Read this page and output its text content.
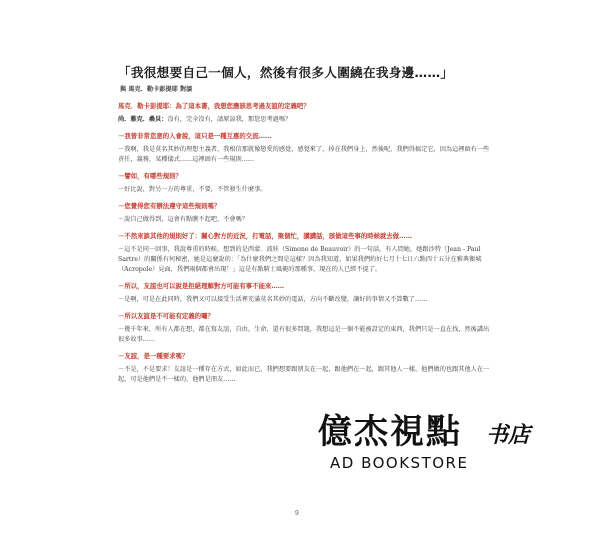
「我很想要自己一個人，然後有很多人圍繞在我身邊……」
與 馬克．勒卡彭提耶 對談

馬克．勒卡彭提耶：為了這本書，我想您應該思考過友誼的定義吧？

尚．雅克．桑貝：沒有，完全沒有，請原諒我，那您思考過嗎？

－我曾非常恣意的入會說，這只是一種互惠的交流……

－我啊，我是莫名其妙的理想主義者，我相信那就像戀愛的感覺，感覺來了，掉在我們身上，然後呢，我們得搞定它，因為這裡頭有一些責任，義務，某種儀式……這裡頭有一些規則……

－譬如，有哪些規則？

－好比說，對另一方的尊重，不要，不管發生什麼事。

－您覺得您有辦法遵守這些規則嗎？

－說自己做得到，這會有點瞧不起吧，不會嗎？

－不然來談其他的規則好了：關心對方的近況，打電話，聚個忙，講講話，該做這些事的時候就去做……

－這不是同一回事，我說尊重的時候，想到的是西蒙．波娃（Simone de Beauvoir）的一句話，有人問她，她跟沙特（Jean - Paul Sartre）的關係有何秘密，她是這麼說的：「為什麼我們之間是這樣？因為我知道，如果我們約好七月十七日六點四十五分在雅典衛城（Acropole）見面，我們兩個都會出現！」這是有點騎士風範的那種事，現在的人已經不提了。

－所以，友誼也可以說是拒絕理解對方可能有事不能來……

－是啊，可是在此同時，我們又可以接受生活裡充滿莫名其妙的電話，方向不斷改變，讓好的事情又不算數了……

－所以友誼是不可能有定義的囉？

－幾千年來，所有人都在想，都在寫友誼，自由，生命，還有很多問題，我想這是一個不能被設定的東西，我們只是一直在找，然後講出很多故事……

－友誼，是一種要求嗎？

－不是，不是要求！友誼是一種存在方式，如此而已，我們想要跟朋友在一起，跟他們在一起，跟其他人一樣，他們做的也跟其他人在一起，可是他們是不一樣的，他們是朋友……

9
億杰視點 书店
AD BOOKSTORE
